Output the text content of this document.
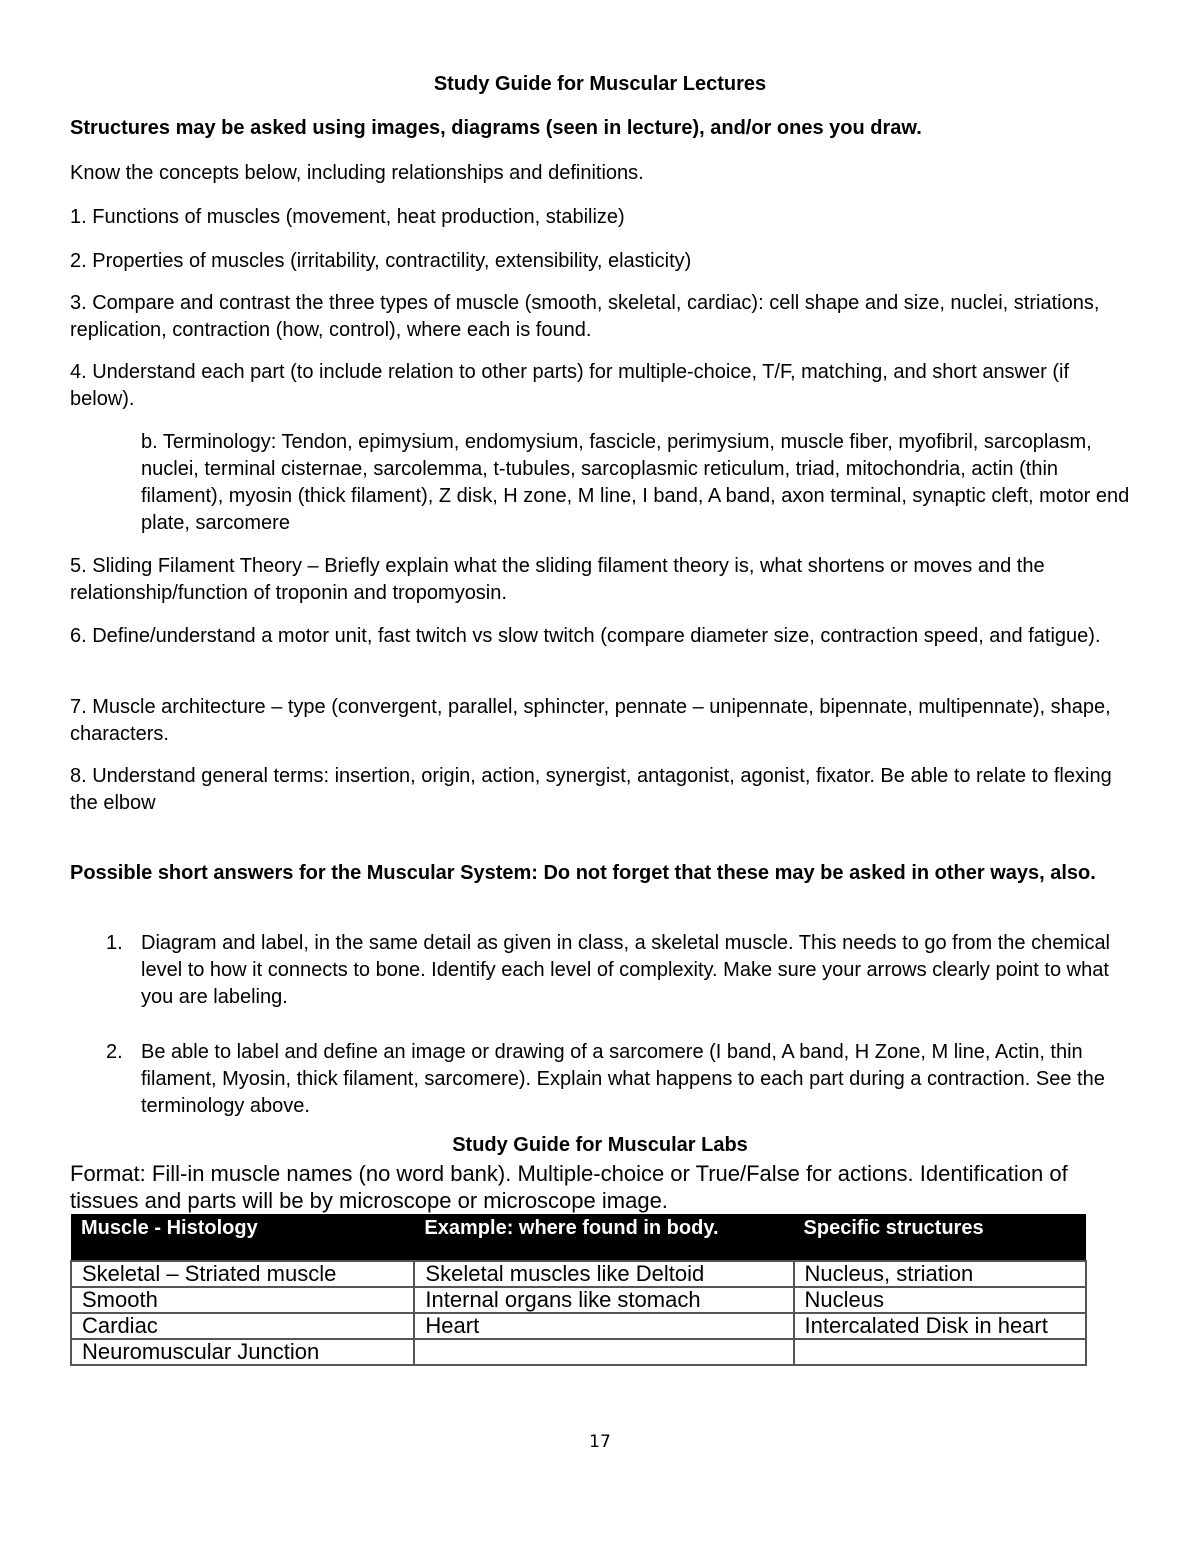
Study Guide for Muscular Lectures
Structures may be asked using images, diagrams (seen in lecture), and/or ones you draw.
Know the concepts below, including relationships and definitions.
1. Functions of muscles (movement, heat production, stabilize)
2. Properties of muscles (irritability, contractility, extensibility, elasticity)
3. Compare and contrast the three types of muscle (smooth, skeletal, cardiac): cell shape and size, nuclei, striations, replication, contraction (how, control), where each is found.
4. Understand each part (to include relation to other parts) for multiple-choice, T/F, matching, and short answer (if below).
b. Terminology: Tendon, epimysium, endomysium, fascicle, perimysium, muscle fiber, myofibril, sarcoplasm, nuclei, terminal cisternae, sarcolemma, t-tubules, sarcoplasmic reticulum, triad, mitochondria, actin (thin filament), myosin (thick filament), Z disk, H zone, M line, I band, A band, axon terminal, synaptic cleft, motor end plate, sarcomere
5. Sliding Filament Theory – Briefly explain what the sliding filament theory is, what shortens or moves and the relationship/function of troponin and tropomyosin.
6. Define/understand a motor unit, fast twitch vs slow twitch (compare diameter size, contraction speed, and fatigue).
7. Muscle architecture – type (convergent, parallel, sphincter, pennate – unipennate, bipennate, multipennate), shape, characters.
8. Understand general terms: insertion, origin, action, synergist, antagonist, agonist, fixator. Be able to relate to flexing the elbow
Possible short answers for the Muscular System: Do not forget that these may be asked in other ways, also.
1. Diagram and label, in the same detail as given in class, a skeletal muscle. This needs to go from the chemical level to how it connects to bone. Identify each level of complexity. Make sure your arrows clearly point to what you are labeling.
2. Be able to label and define an image or drawing of a sarcomere (I band, A band, H Zone, M line, Actin, thin filament, Myosin, thick filament, sarcomere). Explain what happens to each part during a contraction. See the terminology above.
Study Guide for Muscular Labs
Format: Fill-in muscle names (no word bank). Multiple-choice or True/False for actions. Identification of tissues and parts will be by microscope or microscope image.
Muscle - Histology	Example: where found in body.	Specific structures
Skeletal – Striated muscle	Skeletal muscles like Deltoid	Nucleus, striation
Smooth	Internal organs like stomach	Nucleus
Cardiac	Heart	Intercalated Disk in heart
Neuromuscular Junction		
17
